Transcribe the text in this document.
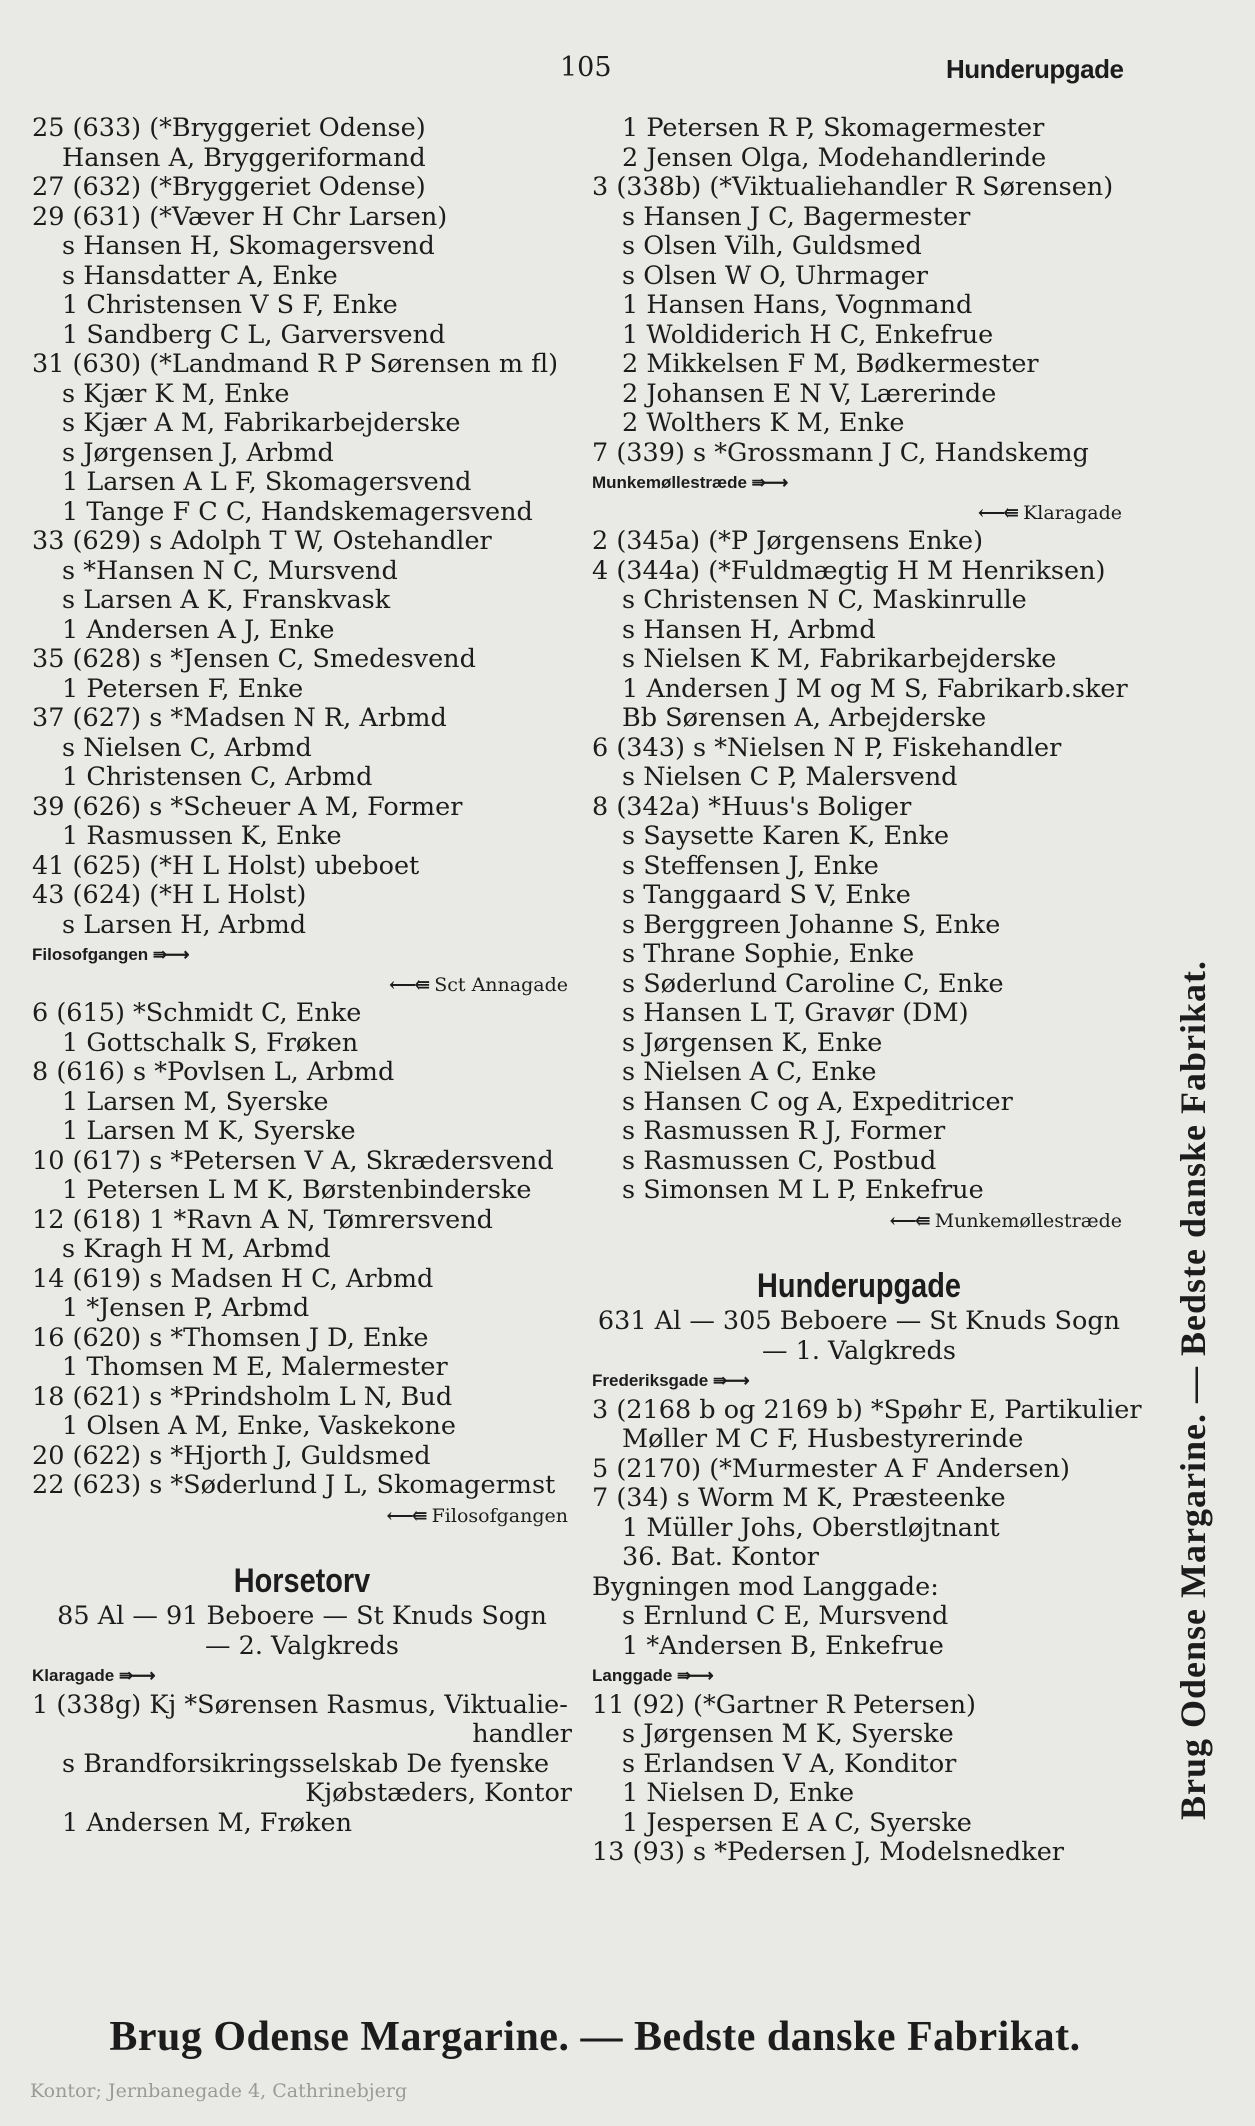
105	Hunderupgade
25 (633) (*Bryggeriet Odense)
Hansen A, Bryggeriformand
27 (632) (*Bryggeriet Odense)
29 (631) (*Væver H Chr Larsen)
s Hansen H, Skomagersvend
s Hansdatter A, Enke
1 Christensen V S F, Enke
1 Sandberg C L, Garversvend
31 (630) (*Landmand R P Sørensen m fl)
s Kjær K M, Enke
s Kjær A M, Fabrikarbejderske
s Jørgensen J, Arbmd
1 Larsen A L F, Skomagersvend
1 Tange F C C, Handskemagersvend
33 (629) s Adolph T W, Ostehandler
s *Hansen N C, Mursvend
s Larsen A K, Franskvask
1 Andersen A J, Enke
35 (628) s *Jensen C, Smedesvend
1 Petersen F, Enke
37 (627) s *Madsen N R, Arbmd
s Nielsen C, Arbmd
1 Christensen C, Arbmd
39 (626) s *Scheuer A M, Former
1 Rasmussen K, Enke
41 (625) (*H L Holst) ubeboet
43 (624) (*H L Holst)
s Larsen H, Arbmd
Filosofgangen ⇛⟶
⟵⇚ Sct Annagade
6 (615) *Schmidt C, Enke
1 Gottschalk S, Frøken
8 (616) s *Povlsen L, Arbmd
1 Larsen M, Syerske
1 Larsen M K, Syerske
10 (617) s *Petersen V A, Skrædersvend
1 Petersen L M K, Børstenbinderske
12 (618) 1 *Ravn A N, Tømrersvend
s Kragh H M, Arbmd
14 (619) s Madsen H C, Arbmd
1 *Jensen P, Arbmd
16 (620) s *Thomsen J D, Enke
1 Thomsen M E, Malermester
18 (621) s *Prindsholm L N, Bud
1 Olsen A M, Enke, Vaskekone
20 (622) s *Hjorth J, Guldsmed
22 (623) s *Søderlund J L, Skomagermst
⟵⇚ Filosofgangen
Horsetorv
85 Al — 91 Beboere — St Knuds Sogn
— 2. Valgkreds
Klaragade ⇛⟶
1 (338g) Kj *Sørensen Rasmus, Viktualie-
handler
s Brandforsikringsselskab De fyenske
Kjøbstæders, Kontor
1 Andersen M, Frøken
1 Petersen R P, Skomagermester
2 Jensen Olga, Modehandlerinde
3 (338b) (*Viktualiehandler R Sørensen)
s Hansen J C, Bagermester
s Olsen Vilh, Guldsmed
s Olsen W O, Uhrmager
1 Hansen Hans, Vognmand
1 Woldiderich H C, Enkefrue
2 Mikkelsen F M, Bødkermester
2 Johansen E N V, Lærerinde
2 Wolthers K M, Enke
7 (339) s *Grossmann J C, Handskemg
Munkemøllestræde ⇛⟶
⟵⇚ Klaragade
2 (345a) (*P Jørgensens Enke)
4 (344a) (*Fuldmægtig H M Henriksen)
s Christensen N C, Maskinrulle
s Hansen H, Arbmd
s Nielsen K M, Fabrikarbejderske
1 Andersen J M og M S, Fabrikarb.sker
Bb Sørensen A, Arbejderske
6 (343) s *Nielsen N P, Fiskehandler
s Nielsen C P, Malersvend
8 (342a) *Huus's Boliger
s Saysette Karen K, Enke
s Steffensen J, Enke
s Tanggaard S V, Enke
s Berggreen Johanne S, Enke
s Thrane Sophie, Enke
s Søderlund Caroline C, Enke
s Hansen L T, Gravør (DM)
s Jørgensen K, Enke
s Nielsen A C, Enke
s Hansen C og A, Expeditricer
s Rasmussen R J, Former
s Rasmussen C, Postbud
s Simonsen M L P, Enkefrue
⟵⇚ Munkemøllestræde
Hunderupgade
631 Al — 305 Beboere — St Knuds Sogn
— 1. Valgkreds
Frederiksgade ⇛⟶
3 (2168 b og 2169 b) *Spøhr E, Partikulier
Møller M C F, Husbestyrerinde
5 (2170) (*Murmester A F Andersen)
7 (34) s Worm M K, Præsteenke
1 Müller Johs, Oberstløjtnant
36. Bat. Kontor
Bygningen mod Langgade:
s Ernlund C E, Mursvend
1 *Andersen B, Enkefrue
Langgade ⇛⟶
11 (92) (*Gartner R Petersen)
s Jørgensen M K, Syerske
s Erlandsen V A, Konditor
1 Nielsen D, Enke
1 Jespersen E A C, Syerske
13 (93) s *Pedersen J, Modelsnedker
Brug Odense Margarine. — Bedste danske Fabrikat.
Brug Odense Margarine. — Bedste danske Fabrikat.
Kontor; Jernbanegade 4, Cathrinebjerg
